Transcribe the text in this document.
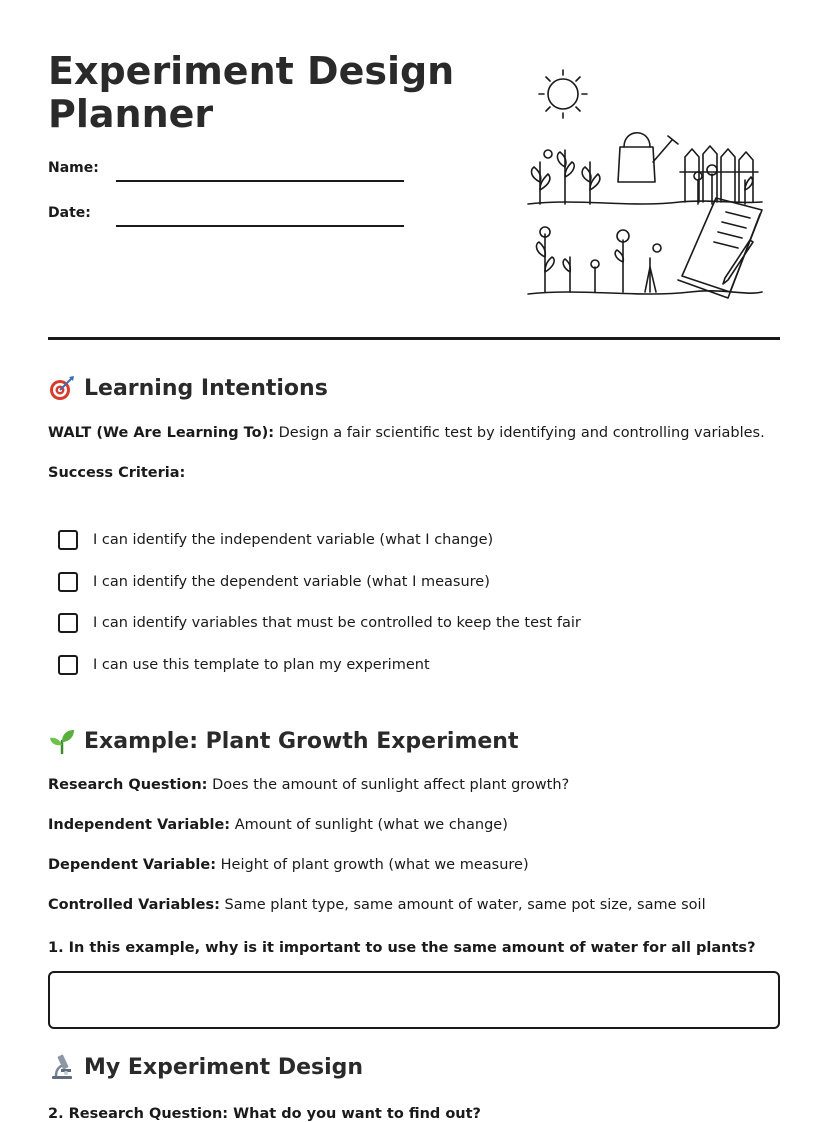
Experiment Design
Planner
Name:
Date:
Learning Intentions
WALT (We Are Learning To): Design a fair scientific test by identifying and controlling variables.
Success Criteria:
I can identify the independent variable (what I change)
I can identify the dependent variable (what I measure)
I can identify variables that must be controlled to keep the test fair
I can use this template to plan my experiment
Example: Plant Growth Experiment
Research Question: Does the amount of sunlight affect plant growth?
Independent Variable: Amount of sunlight (what we change)
Dependent Variable: Height of plant growth (what we measure)
Controlled Variables: Same plant type, same amount of water, same pot size, same soil
1. In this example, why is it important to use the same amount of water for all plants?
My Experiment Design
2. Research Question: What do you want to find out?
